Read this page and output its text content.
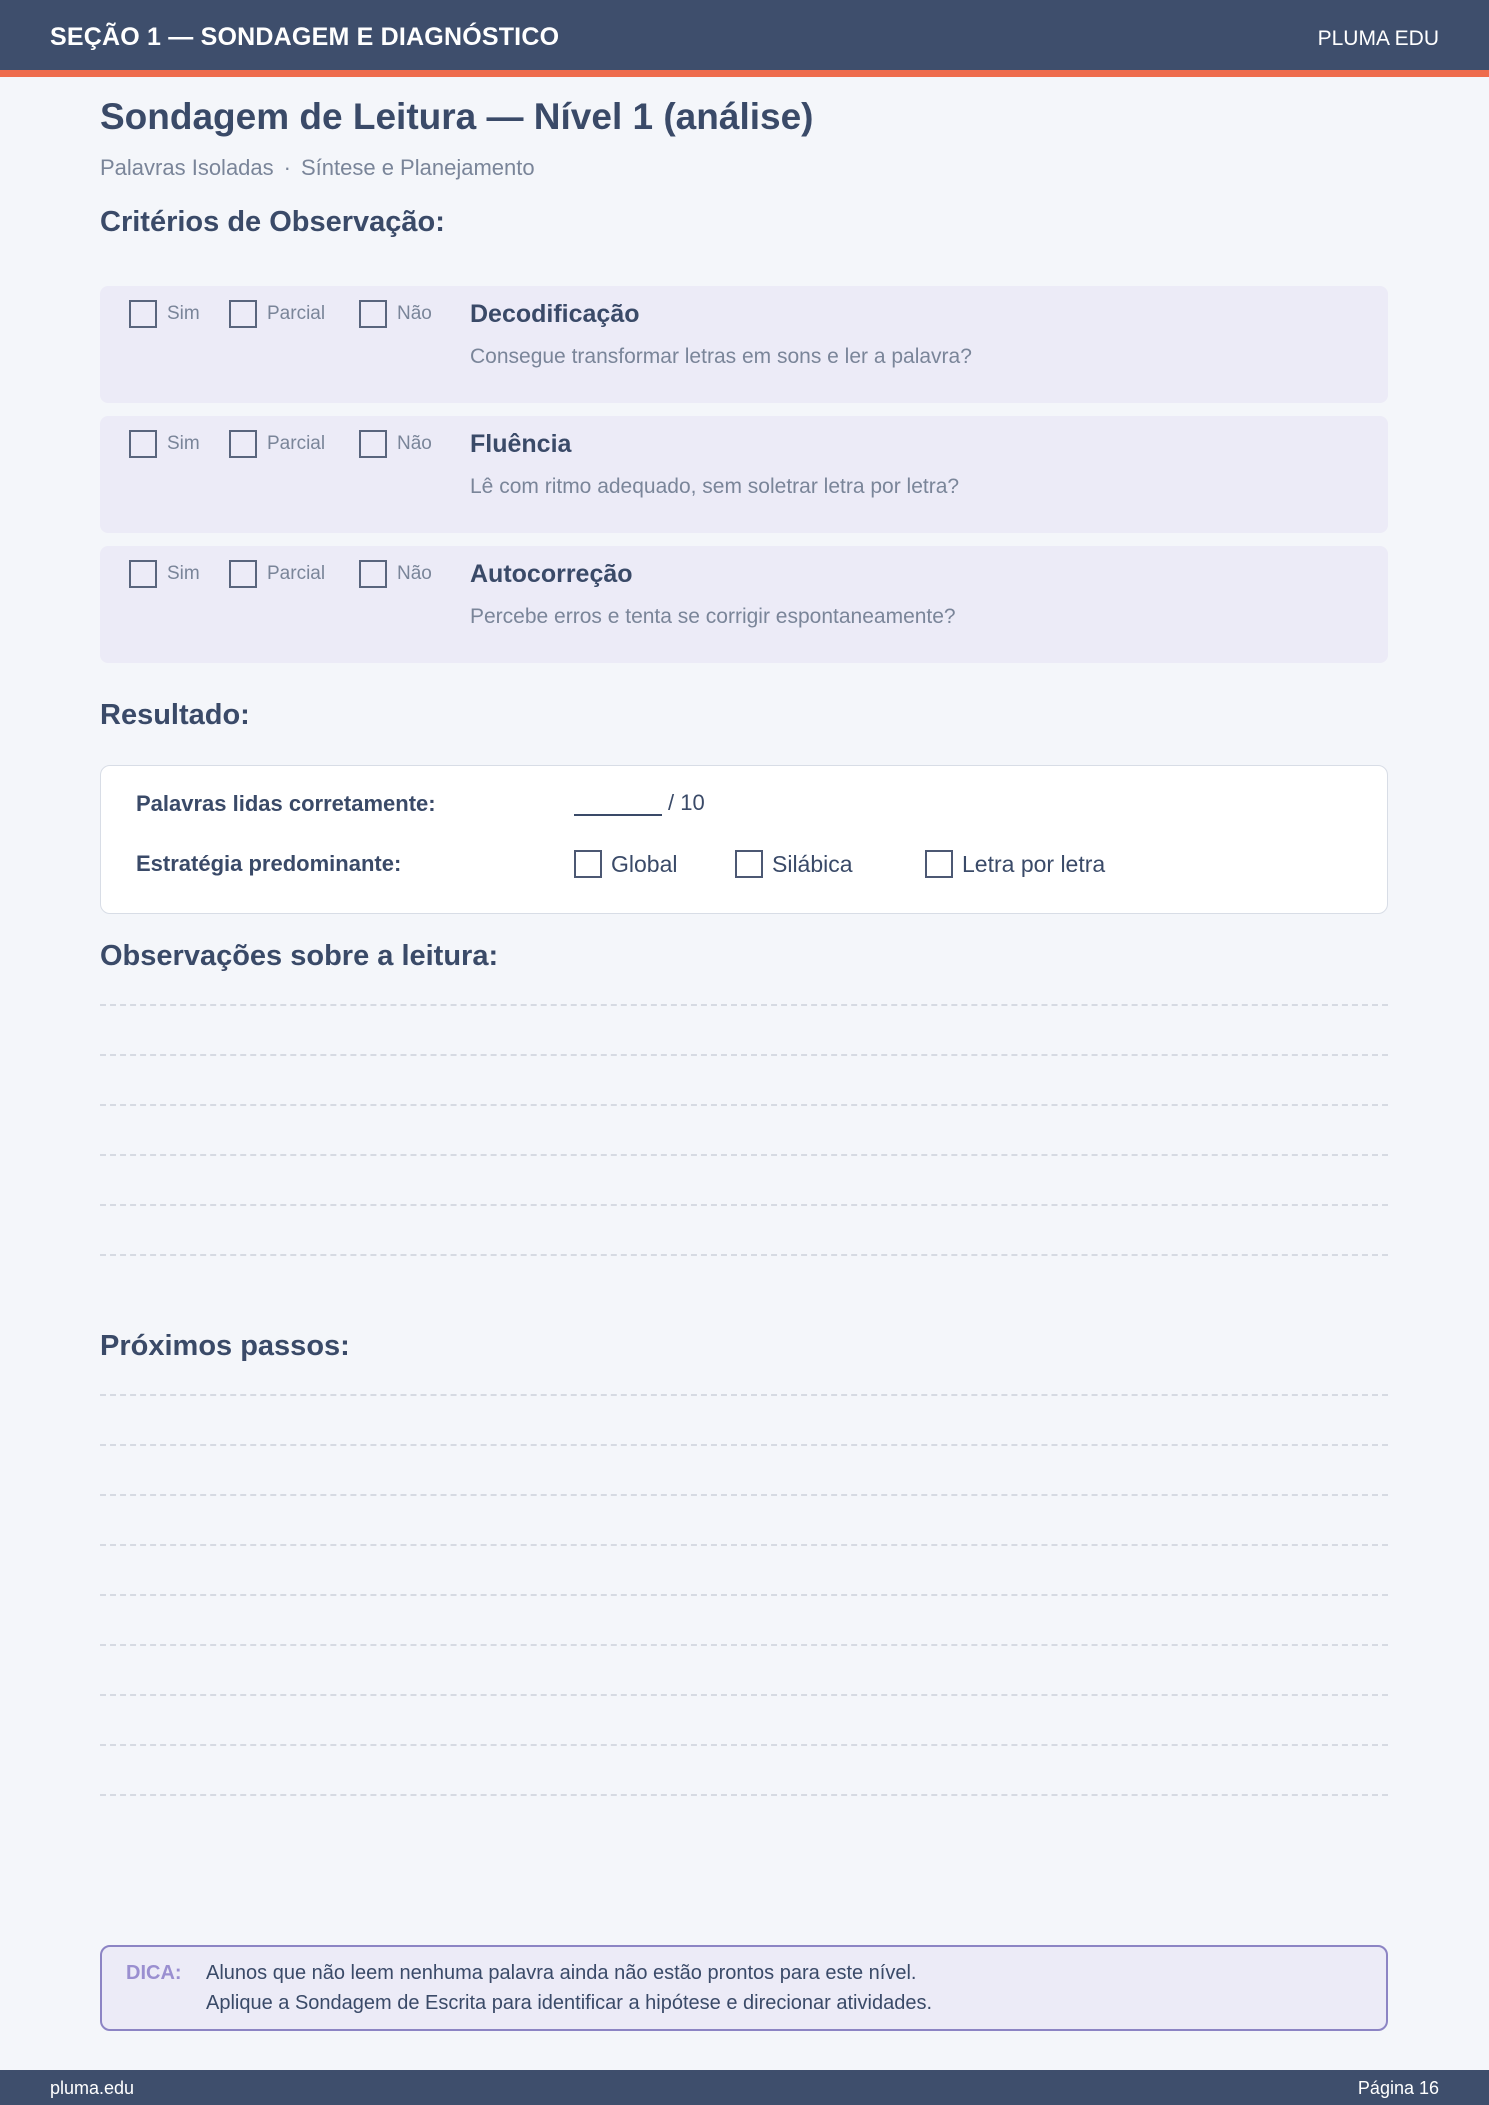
SEÇÃO 1 — SONDAGEM E DIAGNÓSTICO	PLUMA EDU
Sondagem de Leitura — Nível 1 (análise)
Palavras Isoladas · Síntese e Planejamento
Critérios de Observação:
Sim	Parcial	Não Decodificação
Consegue transformar letras em sons e ler a palavra?
Sim	Parcial	Não Fluência
Lê com ritmo adequado, sem soletrar letra por letra?
Sim	Parcial	Não Autocorreção
Percebe erros e tenta se corrigir espontaneamente?
Resultado:
Palavras lidas corretamente:	/ 10
Estratégia predominante:	Global	Silábica	Letra por letra
Observações sobre a leitura:
Próximos passos:
DICA: Alunos que não leem nenhuma palavra ainda não estão prontos para este nível.
Aplique a Sondagem de Escrita para identificar a hipótese e direcionar atividades.
pluma.edu	Página 16
